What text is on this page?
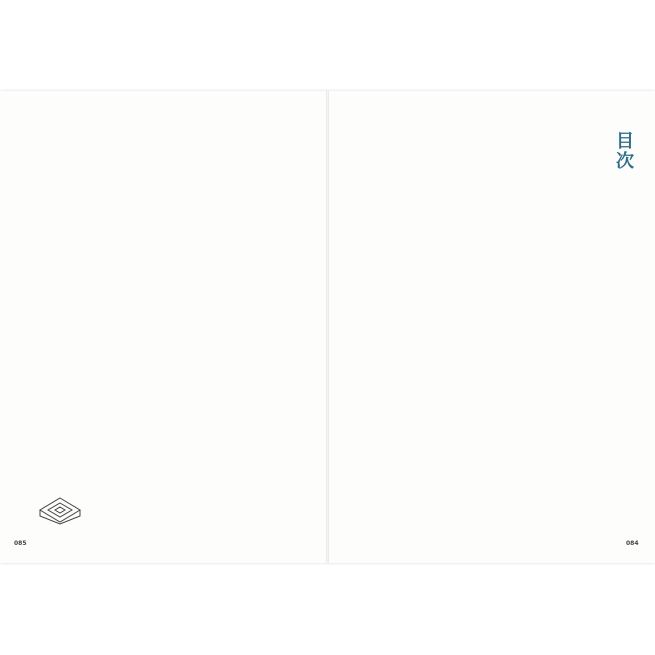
目次
085	084
